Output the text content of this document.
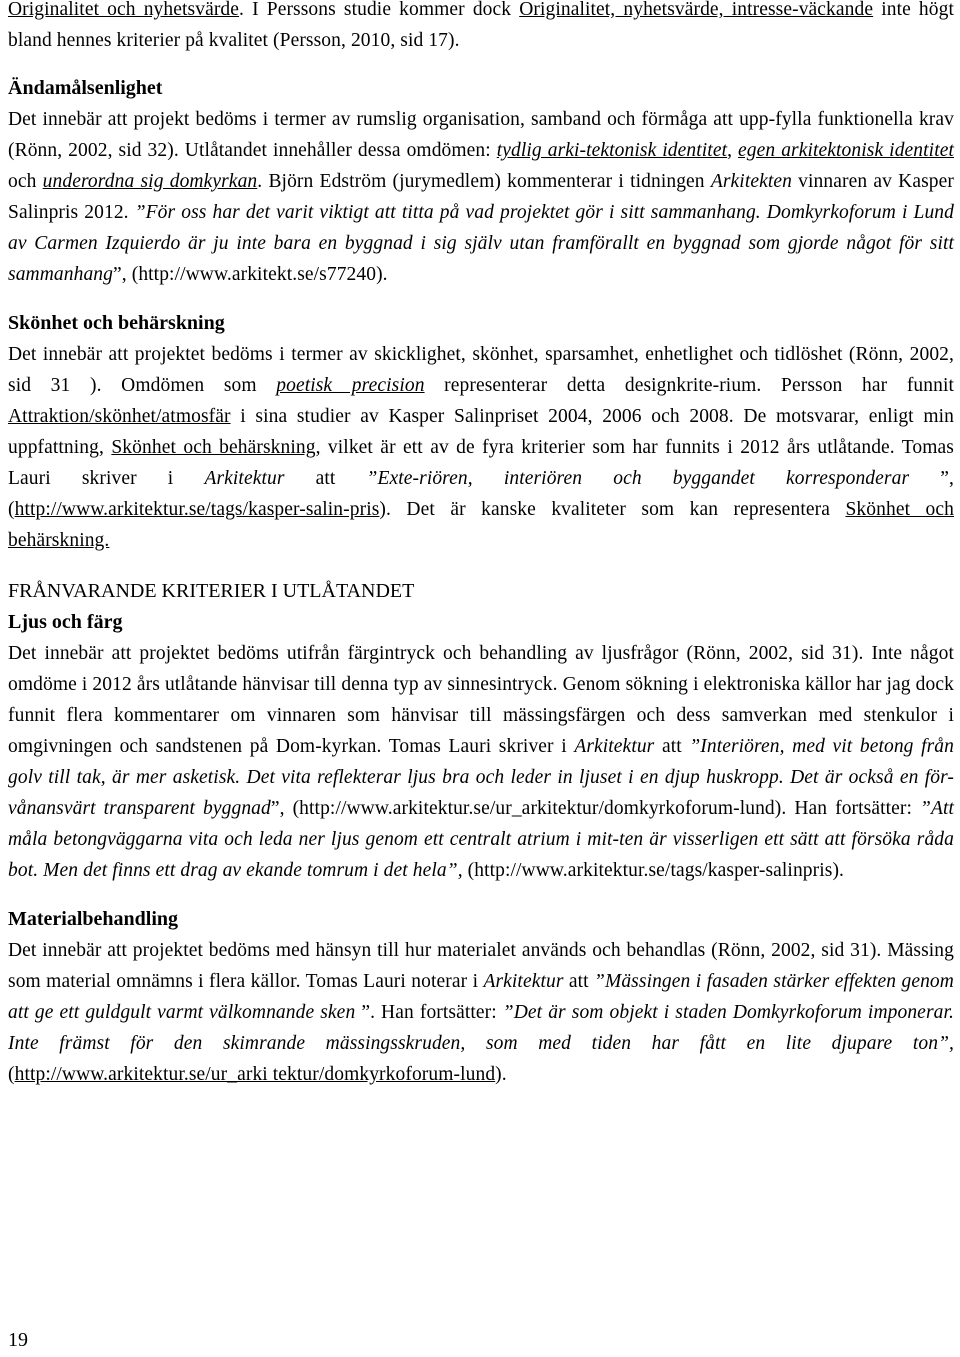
Originalitet och nyhetsvärde. I Perssons studie kommer dock Originalitet, nyhetsvärde, intresse-väckande inte högt bland hennes kriterier på kvalitet (Persson, 2010, sid 17).

Ändamålsenlighet

Det innebär att projekt bedöms i termer av rumslig organisation, samband och förmåga att upp-fylla funktionella krav (Rönn, 2002, sid 32). Utlåtandet innehåller dessa omdömen: tydlig arki-tektonisk identitet, egen arkitektonisk identitet och underordna sig domkyrkan. Björn Edström (jurymedlem) kommenterar i tidningen Arkitekten vinnaren av Kasper Salinpris 2012. ”För oss har det varit viktigt att titta på vad projektet gör i sitt sammanhang. Domkyrkoforum i Lund av Carmen Izquierdo är ju inte bara en byggnad i sig själv utan framförallt en byggnad som gjorde något för sitt sammanhang”, (http://www.arkitekt.se/s77240).

Skönhet och behärskning

Det innebär att projektet bedöms i termer av skicklighet, skönhet, sparsamhet, enhetlighet och tidlöshet (Rönn, 2002, sid 31 ). Omdömen som poetisk precision representerar detta designkrite-rium. Persson har funnit Attraktion/skönhet/atmosfär i sina studier av Kasper Salinpriset 2004, 2006 och 2008. De motsvarar, enligt min uppfattning, Skönhet och behärskning, vilket är ett av de fyra kriterier som har funnits i 2012 års utlåtande. Tomas Lauri skriver i Arkitektur att ”Exte-riören, interiören och byggandet korresponderar ”, (http://www.arkitektur.se/tags/kasper-salin-pris). Det är kanske kvaliteter som kan representera Skönhet och behärskning.

FRÅNVARANDE KRITERIER I UTLÅTANDET

Ljus och färg

Det innebär att projektet bedöms utifrån färgintryck och behandling av ljusfrågor (Rönn, 2002, sid 31). Inte något omdöme i 2012 års utlåtande hänvisar till denna typ av sinnesintryck. Genom sökning i elektroniska källor har jag dock funnit flera kommentarer om vinnaren som hänvisar till mässingsfärgen och dess samverkan med stenkulor i omgivningen och sandstenen på Dom-kyrkan. Tomas Lauri skriver i Arkitektur att ”Interiören, med vit betong från golv till tak, är mer asketisk. Det vita reflekterar ljus bra och leder in ljuset i en djup huskropp. Det är också en för-vånansvärt transparent byggnad”, (http://www.arkitektur.se/ur_arkitektur/domkyrkoforum-lund). Han fortsätter: ”Att måla betongväggarna vita och leda ner ljus genom ett centralt atrium i mit-ten är visserligen ett sätt att försöka råda bot. Men det finns ett drag av ekande tomrum i det hela”, (http://www.arkitektur.se/tags/kasper-salinpris).

Materialbehandling

Det innebär att projektet bedöms med hänsyn till hur materialet används och behandlas (Rönn, 2002, sid 31). Mässing som material omnämns i flera källor. Tomas Lauri noterar i Arkitektur att ”Mässingen i fasaden stärker effekten genom att ge ett guldgult varmt välkomnande sken ”. Han fortsätter: ”Det är som objekt i staden Domkyrkoforum imponerar. Inte främst för den skimrande mässingsskruden, som med tiden har fått en lite djupare ton”, (http://www.arkitektur.se/ur_arki tektur/domkyrkoforum-lund).

19
